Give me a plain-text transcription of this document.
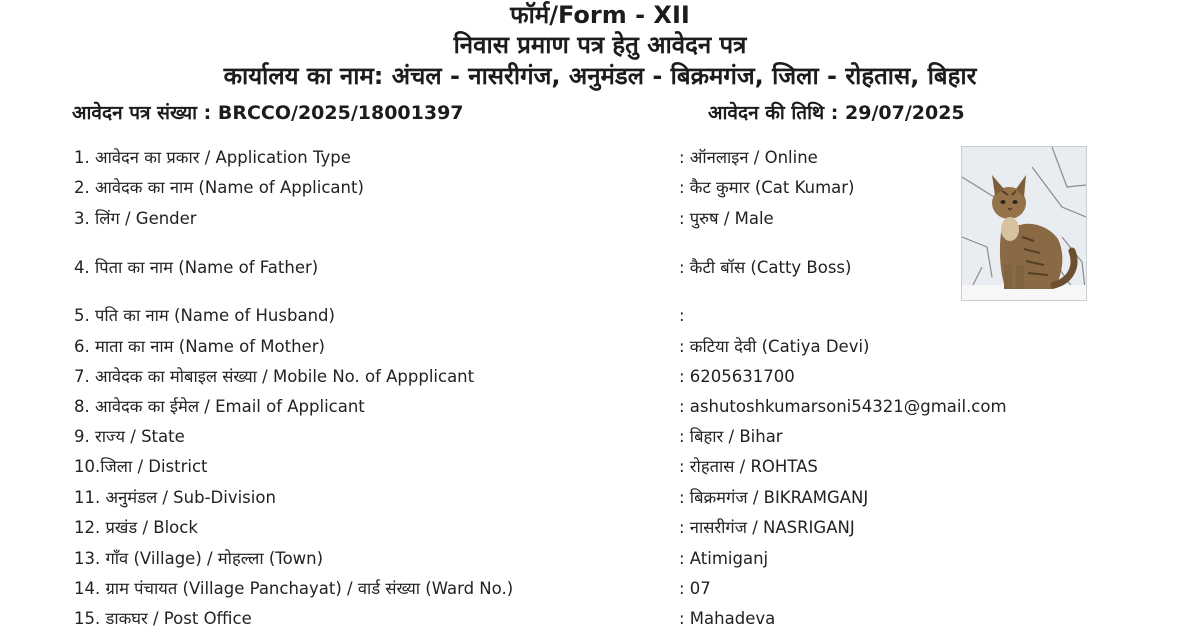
फॉर्म/Form - XII
निवास प्रमाण पत्र हेतु आवेदन पत्र
कार्यालय का नाम: अंचल - नासरीगंज, अनुमंडल - बिक्रमगंज, जिला - रोहतास, बिहार
आवेदन पत्र संख्या : BRCCO/2025/18001397	आवेदन की तिथि : 29/07/2025
1. आवेदन का प्रकार / Application Type	: ऑनलाइन / Online
2. आवेदक का नाम (Name of Applicant)	: कैट कुमार (Cat Kumar)
3. लिंग / Gender	: पुरुष / Male
4. पिता का नाम (Name of Father)	: कैटी बॉस (Catty Boss)
5. पति का नाम (Name of Husband)	:
6. माता का नाम (Name of Mother)	: कटिया देवी (Catiya Devi)
7. आवेदक का मोबाइल संख्या / Mobile No. of Appplicant	: 6205631700
8. आवेदक का ईमेल / Email of Applicant	: ashutoshkumarsoni54321@gmail.com
9. राज्य / State	: बिहार / Bihar
10.जिला / District	: रोहतास / ROHTAS
11. अनुमंडल / Sub-Division	: बिक्रमगंज / BIKRAMGANJ
12. प्रखंड / Block	: नासरीगंज / NASRIGANJ
13. गाँव (Village) / मोहल्ला (Town)	: Atimiganj
14. ग्राम पंचायत (Village Panchayat) / वार्ड संख्या (Ward No.)	: 07
15. डाकघर / Post Office	: Mahadeva
